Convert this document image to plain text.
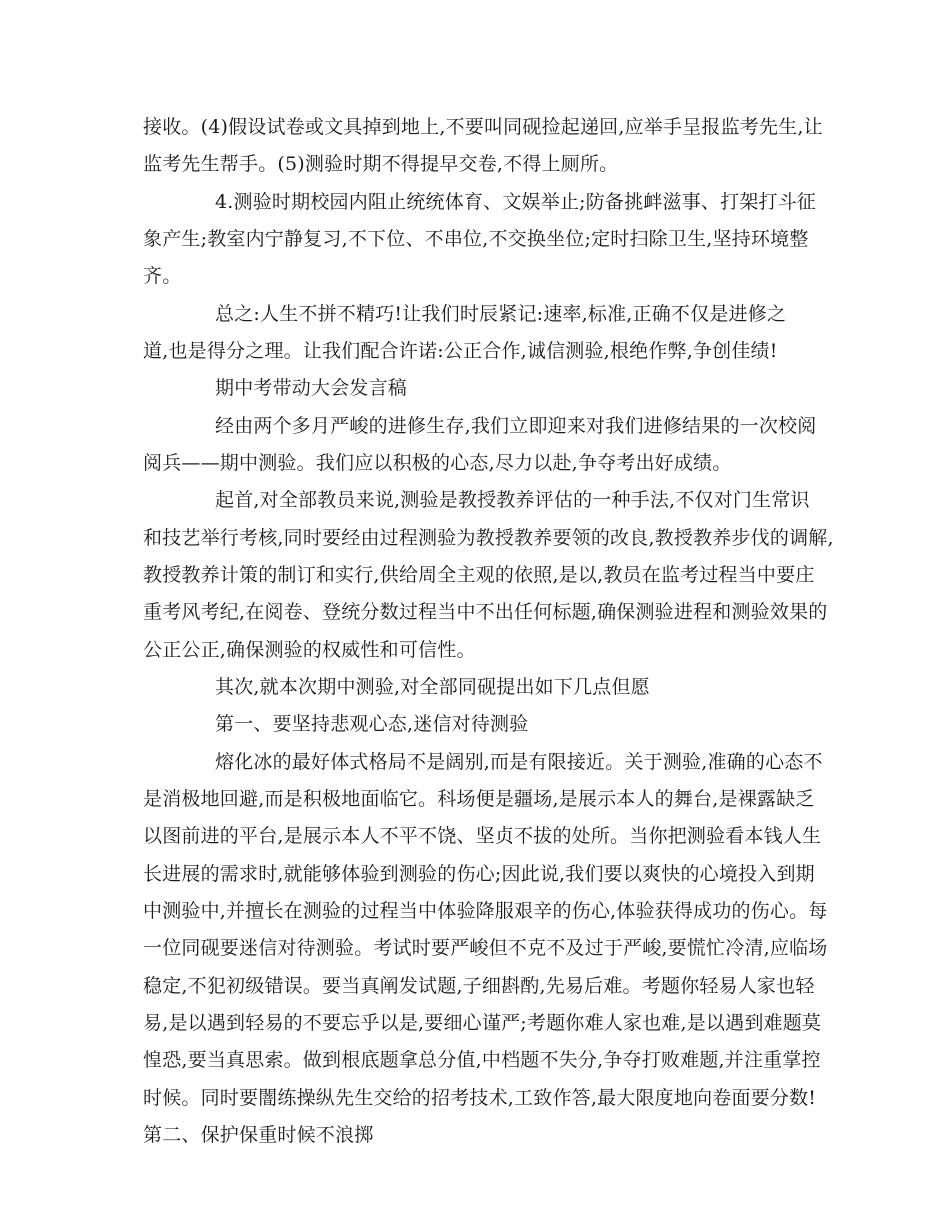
接收。(4)假设试卷或文具掉到地上,不要叫同砚捡起递回,应举手呈报监考先生,让
监考先生帮手。(5)测验时期不得提早交卷,不得上厕所。
4.测验时期校园内阻止统统体育、文娱举止;防备挑衅滋事、打架打斗征
象产生;教室内宁静复习,不下位、不串位,不交换坐位;定时扫除卫生,坚持环境整
齐。
总之:人生不拼不精巧!让我们时辰紧记:速率,标准,正确不仅是进修之
道,也是得分之理。让我们配合许诺:公正合作,诚信测验,根绝作弊,争创佳绩!
期中考带动大会发言稿
经由两个多月严峻的进修生存,我们立即迎来对我们进修结果的一次校阅
阅兵——期中测验。我们应以积极的心态,尽力以赴,争夺考出好成绩。
起首,对全部教员来说,测验是教授教养评估的一种手法,不仅对门生常识
和技艺举行考核,同时要经由过程测验为教授教养要领的改良,教授教养步伐的调解,
教授教养计策的制订和实行,供给周全主观的依照,是以,教员在监考过程当中要庄
重考风考纪,在阅卷、登统分数过程当中不出任何标题,确保测验进程和测验效果的
公正公正,确保测验的权威性和可信性。
其次,就本次期中测验,对全部同砚提出如下几点但愿
第一、要坚持悲观心态,迷信对待测验
熔化冰的最好体式格局不是阔别,而是有限接近。关于测验,准确的心态不
是消极地回避,而是积极地面临它。科场便是疆场,是展示本人的舞台,是裸露缺乏
以图前进的平台,是展示本人不平不饶、坚贞不拔的处所。当你把测验看本钱人生
长进展的需求时,就能够体验到测验的伤心;因此说,我们要以爽快的心境投入到期
中测验中,并擅长在测验的过程当中体验降服艰辛的伤心,体验获得成功的伤心。每
一位同砚要迷信对待测验。考试时要严峻但不克不及过于严峻,要慌忙冷清,应临场
稳定,不犯初级错误。要当真阐发试题,子细斟酌,先易后难。考题你轻易人家也轻
易,是以遇到轻易的不要忘乎以是,要细心谨严;考题你难人家也难,是以遇到难题莫
惶恐,要当真思索。做到根底题拿总分值,中档题不失分,争夺打败难题,并注重掌控
时候。同时要闇练操纵先生交给的招考技术,工致作答,最大限度地向卷面要分数!
第二、保护保重时候不浪掷
